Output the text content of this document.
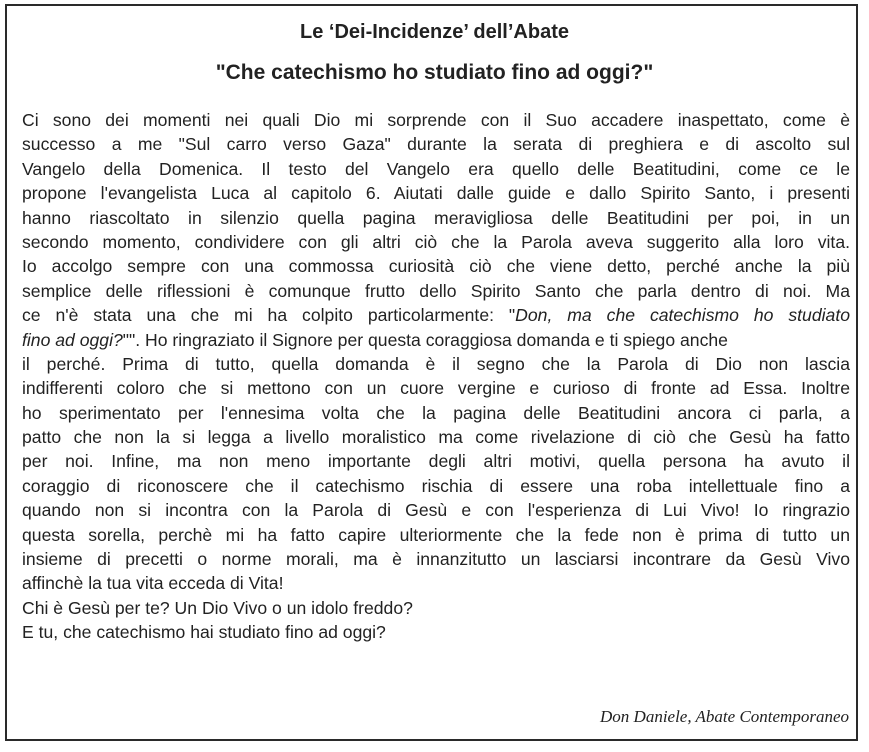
Le ‘Dei-Incidenze’ dell’Abate
"Che catechismo ho studiato fino ad oggi?"
Ci sono dei momenti nei quali Dio mi sorprende con il Suo accadere inaspettato, come è
successo a me "Sul carro verso Gaza" durante la serata di preghiera e di ascolto sul
Vangelo della Domenica. Il testo del Vangelo era quello delle Beatitudini, come ce le
propone l'evangelista Luca al capitolo 6. Aiutati dalle guide e dallo Spirito Santo, i presenti
hanno riascoltato in silenzio quella pagina meravigliosa delle Beatitudini per poi, in un
secondo momento, condividere con gli altri ciò che la Parola aveva suggerito alla loro vita.
Io accolgo sempre con una commossa curiosità ciò che viene detto, perché anche la più
semplice delle riflessioni è comunque frutto dello Spirito Santo che parla dentro di noi. Ma
ce n'è stata una che mi ha colpito particolarmente: "Don, ma che catechismo ho studiato
fino ad oggi?"". Ho ringraziato il Signore per questa coraggiosa domanda e ti spiego anche
il perché. Prima di tutto, quella domanda è il segno che la Parola di Dio non lascia
indifferenti coloro che si mettono con un cuore vergine e curioso di fronte ad Essa. Inoltre
ho sperimentato per l'ennesima volta che la pagina delle Beatitudini ancora ci parla, a
patto che non la si legga a livello moralistico ma come rivelazione di ciò che Gesù ha fatto
per noi. Infine, ma non meno importante degli altri motivi, quella persona ha avuto il
coraggio di riconoscere che il catechismo rischia di essere una roba intellettuale fino a
quando non si incontra con la Parola di Gesù e con l'esperienza di Lui Vivo! Io ringrazio
questa sorella, perchè mi ha fatto capire ulteriormente che la fede non è prima di tutto un
insieme di precetti o norme morali, ma è innanzitutto un lasciarsi incontrare da Gesù Vivo
affinchè la tua vita ecceda di Vita!
Chi è Gesù per te? Un Dio Vivo o un idolo freddo?
E tu, che catechismo hai studiato fino ad oggi?
Don Daniele, Abate Contemporaneo
